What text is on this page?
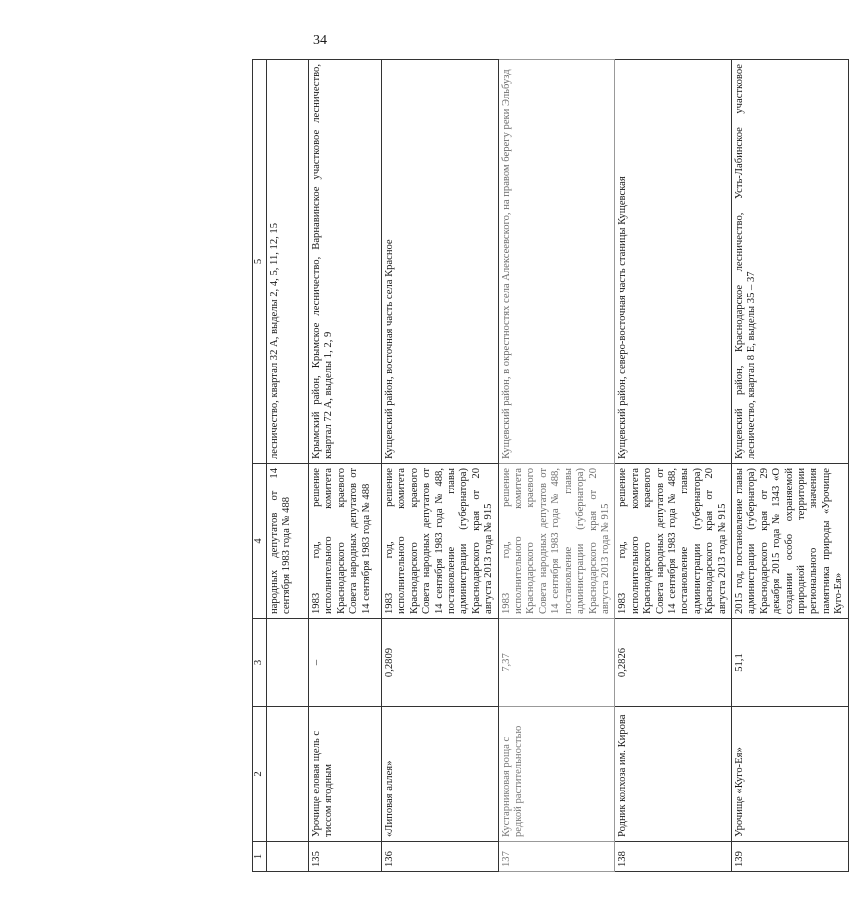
34
1	2	3	4	5
			народных депутатов от 14 сентября 1983 года № 488	лесничество, квартал 32 А, выделы 2, 4, 5, 11, 12, 15
135	Урочище еловая щель с тиссом ягодным	–	1983 год, решение исполнительного комитета Краснодарского краевого Совета народных депутатов от 14 сентября 1983 года № 488	Крымский район, Крымское лесничество, Варнавинское участковое лесничество, квартал 72 А, выделы 1, 2, 9
136	«Липовая аллея»	0,2809	1983 год, решение исполнительного комитета Краснодарского краевого Совета народных депутатов от 14 сентября 1983 года № 488, постановление главы администрации (губернатора) Краснодарского края от 20 августа 2013 года № 915	Кущевский район, восточная часть села Красное
137	Кустарниковая роща с редкой растительностью	7,37	1983 год, решение исполнительного комитета Краснодарского краевого Совета народных депутатов от 14 сентября 1983 года № 488, постановление главы администрации (губернатора) Краснодарского края от 20 августа 2013 года № 915	Кущевский район, в окрестностях села Алексеевского, на правом берегу реки Эльбузд
138	Родник колхоза им. Кирова	0,2826	1983 год, решение исполнительного комитета Краснодарского краевого Совета народных депутатов от 14 сентября 1983 года № 488, постановление главы администрации (губернатора) Краснодарского края от 20 августа 2013 года № 915	Кущевский район, северо-восточная часть станицы Кущевская
139	Урочище «Куго-Ея»	51,1	2015 год, постановление главы администрации (губернатора) Краснодарского края от 29 декабря 2015 года № 1343 «О создании особо охраняемой природной территории регионального значения памятника природы «Урочище Куго-Ея»	Кущевский район, Краснодарское лесничество, Усть-Лабинское участковое лесничество, квартал 8 Е, выделы 35 – 37
